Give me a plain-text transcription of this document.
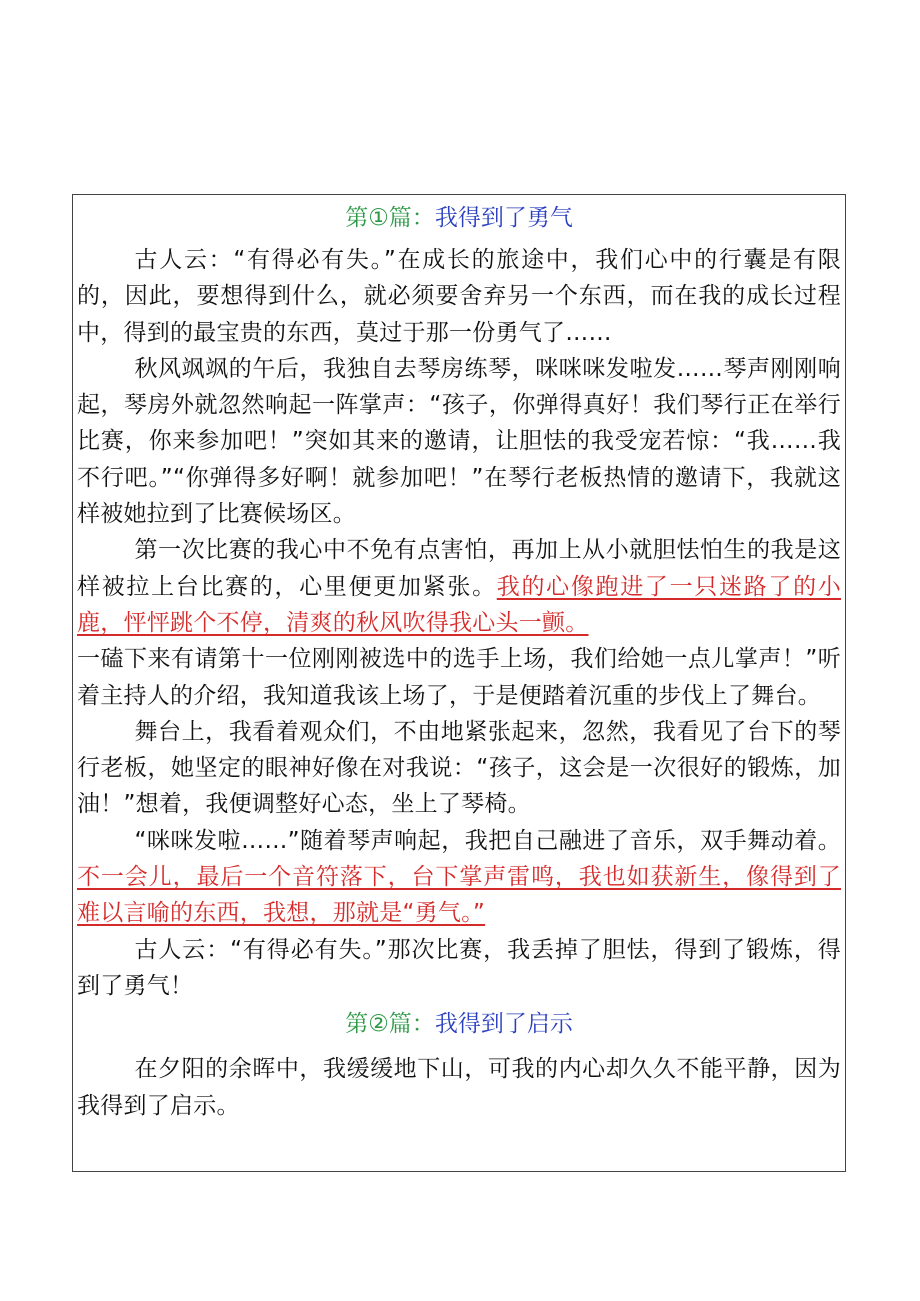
第①篇：我得到了勇气

古人云：“有得必有失。”在成长的旅途中，我们心中的行囊是有限的，因此，要想得到什么，就必须要舍弃另一个东西，而在我的成长过程中，得到的最宝贵的东西，莫过于那一份勇气了……

秋风飒飒的午后，我独自去琴房练琴，咪咪咪发啦发……琴声刚刚响起，琴房外就忽然响起一阵掌声：“孩子，你弹得真好！我们琴行正在举行比赛，你来参加吧！”突如其来的邀请，让胆怯的我受宠若惊：“我……我不行吧。”“你弹得多好啊！就参加吧！”在琴行老板热情的邀请下，我就这样被她拉到了比赛候场区。

第一次比赛的我心中不免有点害怕，再加上从小就胆怯怕生的我是这样被拉上台比赛的，心里便更加紧张。我的心像跑进了一只迷路了的小鹿，怦怦跳个不停，清爽的秋风吹得我心头一颤。

一磕下来有请第十一位刚刚被选中的选手上场，我们给她一点儿掌声！”听着主持人的介绍，我知道我该上场了，于是便踏着沉重的步伐上了舞台。

舞台上，我看着观众们，不由地紧张起来，忽然，我看见了台下的琴行老板，她坚定的眼神好像在对我说：“孩子，这会是一次很好的锻炼，加油！”想着，我便调整好心态，坐上了琴椅。

“咪咪发啦……”随着琴声响起，我把自己融进了音乐，双手舞动着。不一会儿，最后一个音符落下，台下掌声雷鸣，我也如获新生，像得到了难以言喻的东西，我想，那就是“勇气。”

古人云：“有得必有失。”那次比赛，我丢掉了胆怯，得到了锻炼，得到了勇气！

第②篇：我得到了启示

在夕阳的余晖中，我缓缓地下山，可我的内心却久久不能平静，因为我得到了启示。
